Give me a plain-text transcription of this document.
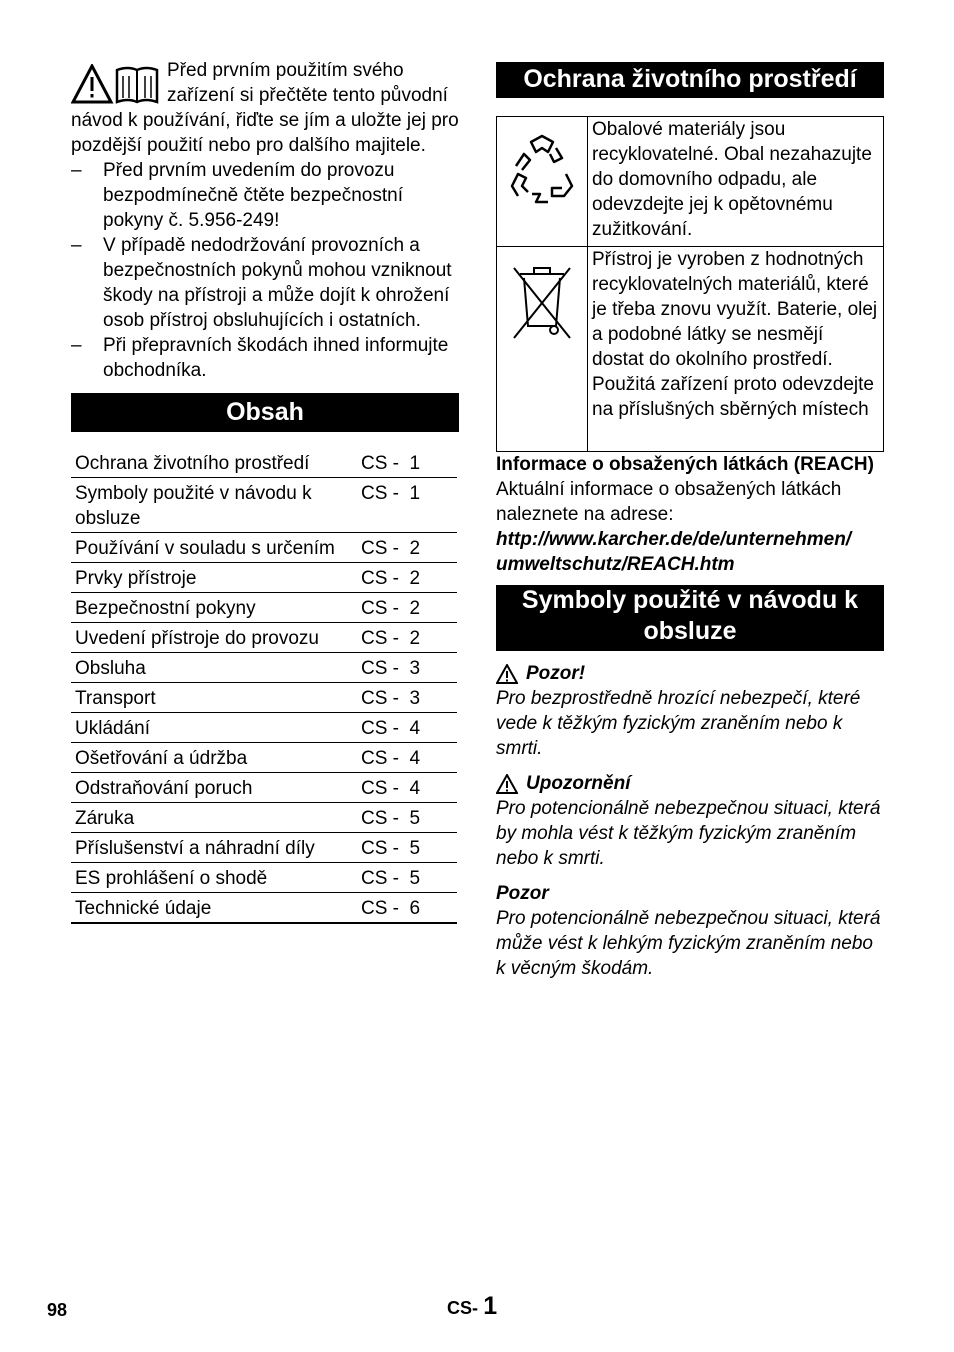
Před prvním použitím svého zařízení si přečtěte tento původní návod k používání, řiďte se jím a uložte jej pro pozdější použití nebo pro dalšího majitele.

– Před prvním uvedením do provozu bezpodmínečně čtěte bezpečnostní pokyny č. 5.956-249!
– V případě nedodržování provozních a bezpečnostních pokynů mohou vzniknout škody na přístroji a může dojít k ohrožení osob přístroj obsluhujících i ostatních.
– Při přepravních škodách ihned informujte obchodníka.
Obsah
Ochrana životního prostředí	CS -  1
Symboly použité v návodu k obsluze	CS -  1
Používání v souladu s určením	CS -  2
Prvky přístroje	CS -  2
Bezpečnostní pokyny	CS -  2
Uvedení přístroje do provozu	CS -  2
Obsluha	CS -  3
Transport	CS -  3
Ukládání	CS -  4
Ošetřování a údržba	CS -  4
Odstraňování poruch	CS -  4
Záruka	CS -  5
Příslušenství a náhradní díly	CS -  5
ES prohlášení o shodě	CS -  5
Technické údaje	CS -  6
Ochrana životního prostředí
	Obalové materiály jsou recyklovatelné. Obal nezahazujte do domovního odpadu, ale odevzdejte jej k opětovnému zužitkování.
	Přístroj je vyroben z hodnotných recyklovatelných materiálů, které je třeba znovu využít. Baterie, olej a podobné látky se nesmějí dostat do okolního prostředí. Použitá zařízení proto odevzdejte na příslušných sběrných místech
Informace o obsažených látkách (REACH)
Aktuální informace o obsažených látkách naleznete na adrese:
http://www.karcher.de/de/unternehmen/ umweltschutz/REACH.htm
Symboly použité v návodu k obsluze
Pozor!
Pro bezprostředně hrozící nebezpečí, které vede k těžkým fyzickým zraněním nebo k smrti.
Upozornění
Pro potencionálně nebezpečnou situaci, která by mohla vést k těžkým fyzickým zraněním nebo k smrti.
Pozor
Pro potencionálně nebezpečnou situaci, která může vést k lehkým fyzickým zraněním nebo k věcným škodám.
98	CS- 1
